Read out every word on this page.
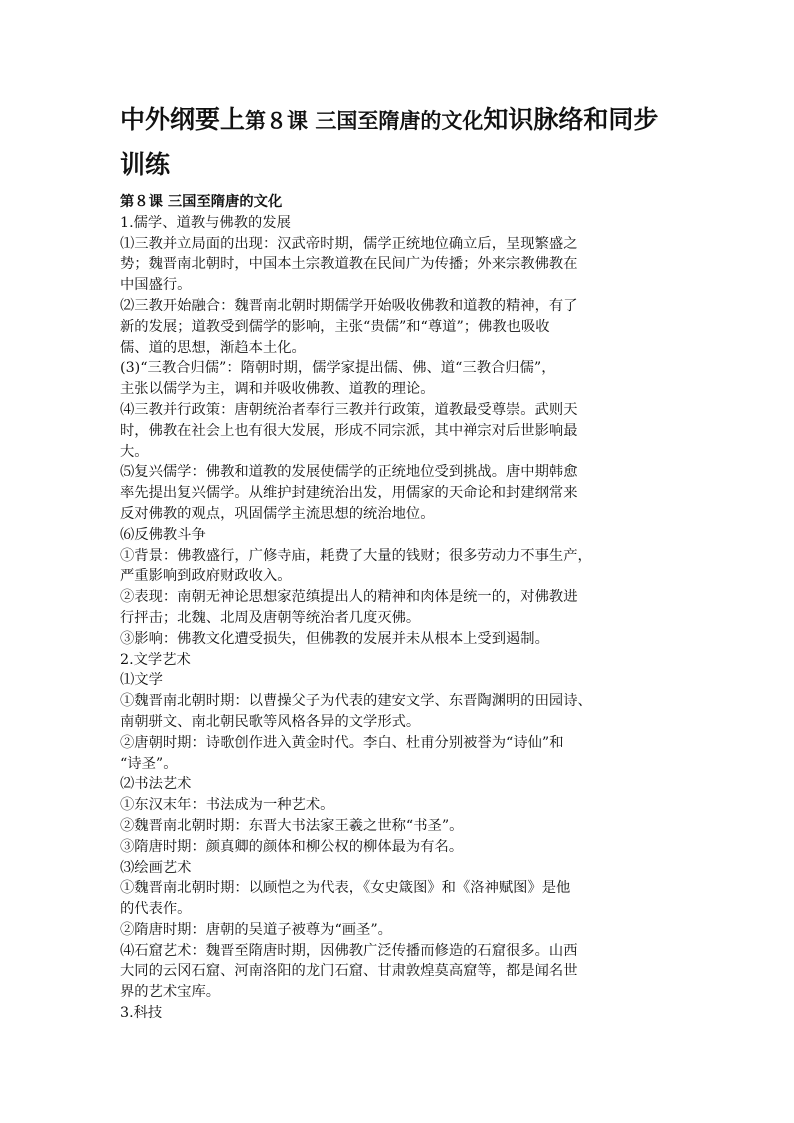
中外纲要上第８课 三国至隋唐的文化知识脉络和同步
训练

第８课 三国至隋唐的文化

1.儒学、道教与佛教的发展

⑴三教并立局面的出现：汉武帝时期，儒学正统地位确立后，呈现繁盛之

势；魏晋南北朝时，中国本土宗教道教在民间广为传播；外来宗教佛教在

中国盛行。

⑵三教开始融合：魏晋南北朝时期儒学开始吸收佛教和道教的精神，有了

新的发展；道教受到儒学的影响，主张“贵儒”和“尊道”；佛教也吸收

儒、道的思想，渐趋本土化。

(3)“三教合归儒”：隋朝时期，儒学家提出儒、佛、道“三教合归儒”，

主张以儒学为主，调和并吸收佛教、道教的理论。

⑷三教并行政策：唐朝统治者奉行三教并行政策，道教最受尊崇。武则天

时，佛教在社会上也有很大发展，形成不同宗派，其中禅宗对后世影响最

大。

⑸复兴儒学：佛教和道教的发展使儒学的正统地位受到挑战。唐中期韩愈

率先提出复兴儒学。从维护封建统治出发，用儒家的天命论和封建纲常来

反对佛教的观点，巩固儒学主流思想的统治地位。

⑹反佛教斗争

①背景：佛教盛行，广修寺庙，耗费了大量的钱财；很多劳动力不事生产，

严重影响到政府财政收入。

②表现：南朝无神论思想家范缜提出人的精神和肉体是统一的，对佛教进

行抨击；北魏、北周及唐朝等统治者几度灭佛。

③影响：佛教文化遭受损失，但佛教的发展并未从根本上受到遏制。

2.文学艺术

⑴文学

①魏晋南北朝时期：以曹操父子为代表的建安文学、东晋陶渊明的田园诗、

南朝骈文、南北朝民歌等风格各异的文学形式。

②唐朝时期：诗歌创作进入黄金时代。李白、杜甫分别被誉为“诗仙”和

“诗圣”。

⑵书法艺术

①东汉末年：书法成为一种艺术。

②魏晋南北朝时期：东晋大书法家王羲之世称“书圣”。

③隋唐时期：颜真卿的颜体和柳公权的柳体最为有名。

⑶绘画艺术

①魏晋南北朝时期：以顾恺之为代表，《女史箴图》和《洛神赋图》是他

的代表作。

②隋唐时期：唐朝的吴道子被尊为“画圣”。

⑷石窟艺术：魏晋至隋唐时期，因佛教广泛传播而修造的石窟很多。山西

大同的云冈石窟、河南洛阳的龙门石窟、甘肃敦煌莫高窟等，都是闻名世

界的艺术宝库。

3.科技
